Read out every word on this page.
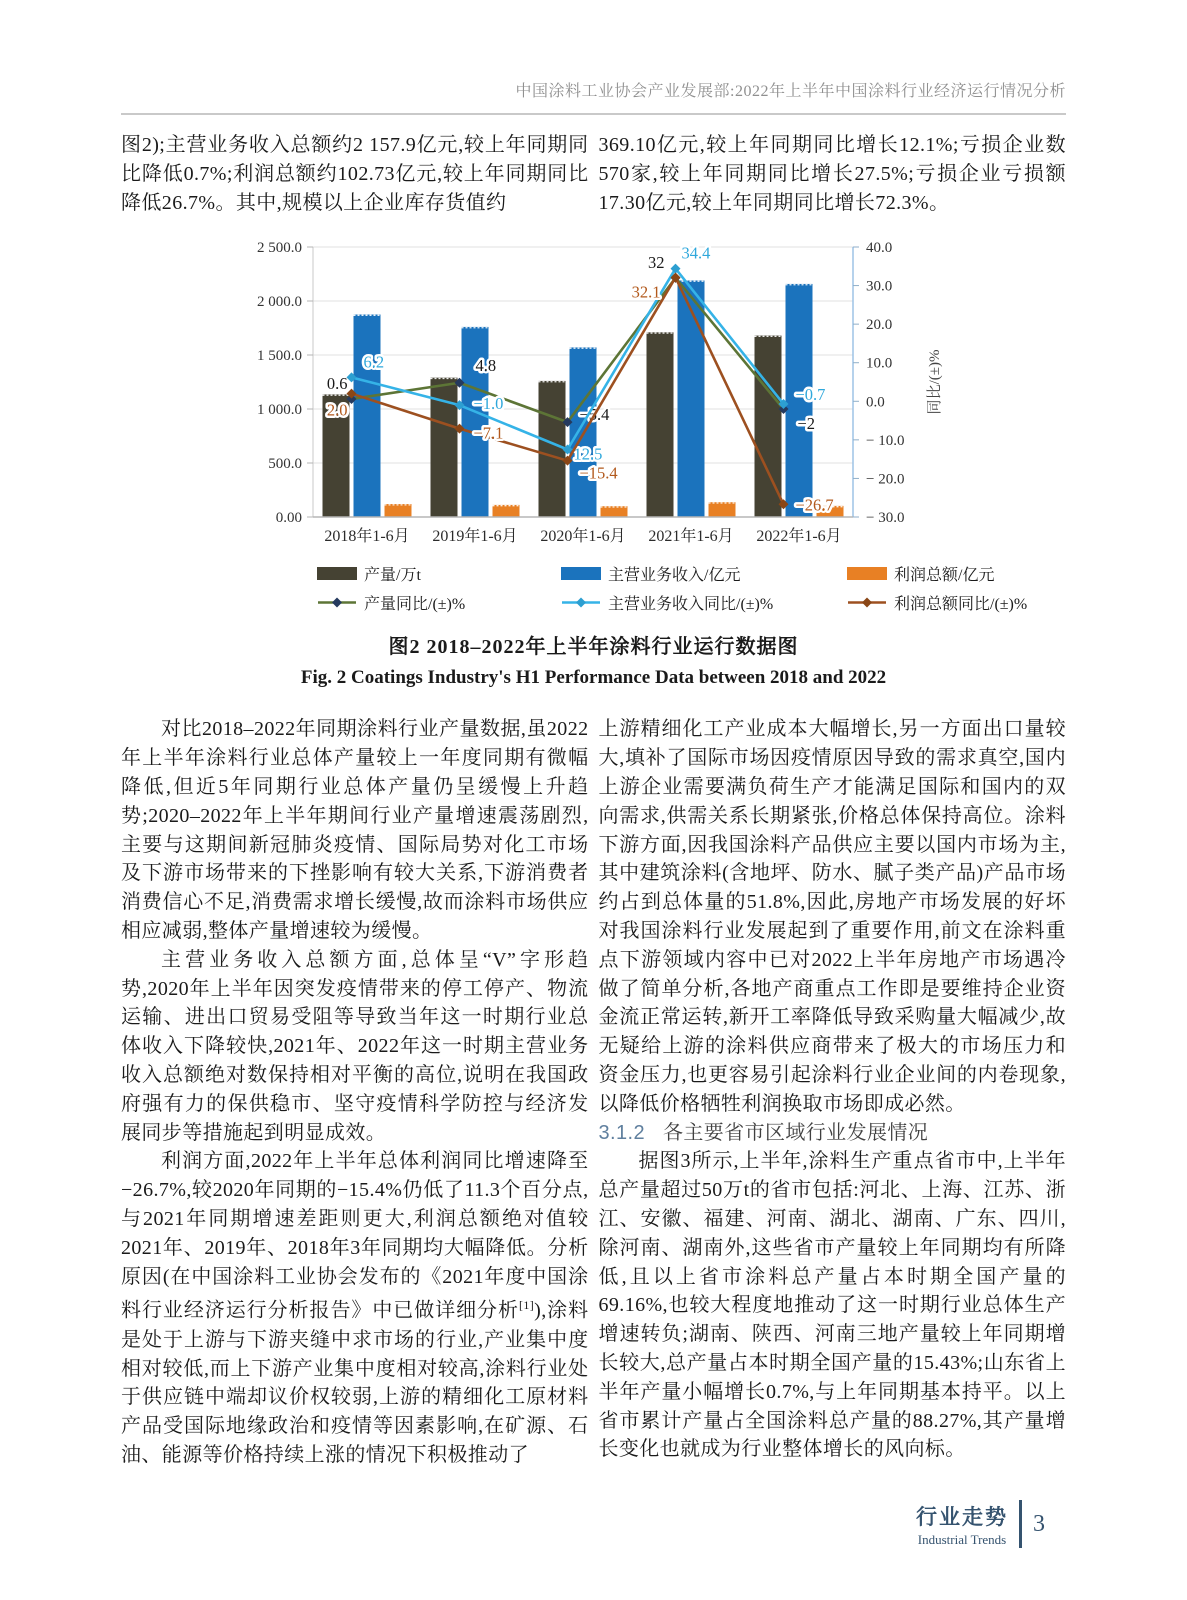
中国涂料工业协会产业发展部:2022年上半年中国涂料行业经济运行情况分析

图2);主营业务收入总额约2 157.9亿元,较上年同期同比降低0.7%;利润总额约102.73亿元,较上年同期同比降低26.7%。其中,规模以上企业库存货值约

369.10亿元,较上年同期同比增长12.1%;亏损企业数570家,较上年同期同比增长27.5%;亏损企业亏损额17.30亿元,较上年同期同比增长72.3%。

0.00
500.0
1 000.0
1 500.0
2 000.0
2 500.0	40.0
30.0
20.0
10.0
0.0
− 10.0
− 20.0
− 30.0
2018年1-6月 2019年1-6月 2020年1-6月 2021年1-6月 2022年1-6月
同比/(±)%
0.6
4.8
−5.4
32
−2
6.2
−1.0
12.5
34.4
−0.7
2.0
−7.1
−15.4
32.1
−26.7
产量/万t	主营业务收入/亿元	利润总额/亿元
产量同比/(±)%	主营业务收入同比/(±)%	利润总额同比/(±)%
图2 2018–2022年上半年涂料行业运行数据图
Fig. 2 Coatings Industry's H1 Performance Data between 2018 and 2022

对比2018–2022年同期涂料行业产量数据,虽2022年上半年涂料行业总体产量较上一年度同期有微幅降低,但近5年同期行业总体产量仍呈缓慢上升趋势;2020–2022年上半年期间行业产量增速震荡剧烈,主要与这期间新冠肺炎疫情、国际局势对化工市场及下游市场带来的下挫影响有较大关系,下游消费者消费信心不足,消费需求增长缓慢,故而涂料市场供应相应减弱,整体产量增速较为缓慢。

主营业务收入总额方面,总体呈“V”字形趋势,2020年上半年因突发疫情带来的停工停产、物流运输、进出口贸易受阻等导致当年这一时期行业总体收入下降较快,2021年、2022年这一时期主营业务收入总额绝对数保持相对平衡的高位,说明在我国政府强有力的保供稳市、坚守疫情科学防控与经济发展同步等措施起到明显成效。

利润方面,2022年上半年总体利润同比增速降至−26.7%,较2020年同期的−15.4%仍低了11.3个百分点,与2021年同期增速差距则更大,利润总额绝对值较2021年、2019年、2018年3年同期均大幅降低。分析原因(在中国涂料工业协会发布的《2021年度中国涂料行业经济运行分析报告》中已做详细分析[1]),涂料是处于上游与下游夹缝中求市场的行业,产业集中度相对较低,而上下游产业集中度相对较高,涂料行业处于供应链中端却议价权较弱,上游的精细化工原材料产品受国际地缘政治和疫情等因素影响,在矿源、石油、能源等价格持续上涨的情况下积极推动了

上游精细化工产业成本大幅增长,另一方面出口量较大,填补了国际市场因疫情原因导致的需求真空,国内上游企业需要满负荷生产才能满足国际和国内的双向需求,供需关系长期紧张,价格总体保持高位。涂料下游方面,因我国涂料产品供应主要以国内市场为主,其中建筑涂料(含地坪、防水、腻子类产品)产品市场约占到总体量的51.8%,因此,房地产市场发展的好坏对我国涂料行业发展起到了重要作用,前文在涂料重点下游领域内容中已对2022上半年房地产市场遇冷做了简单分析,各地产商重点工作即是要维持企业资金流正常运转,新开工率降低导致采购量大幅减少,故无疑给上游的涂料供应商带来了极大的市场压力和资金压力,也更容易引起涂料行业企业间的内卷现象,以降低价格牺牲利润换取市场即成必然。

3.1.2 各主要省市区域行业发展情况

据图3所示,上半年,涂料生产重点省市中,上半年总产量超过50万t的省市包括:河北、上海、江苏、浙江、安徽、福建、河南、湖北、湖南、广东、四川,除河南、湖南外,这些省市产量较上年同期均有所降低,且以上省市涂料总产量占本时期全国产量的69.16%,也较大程度地推动了这一时期行业总体生产增速转负;湖南、陕西、河南三地产量较上年同期增长较大,总产量占本时期全国产量的15.43%;山东省上半年产量小幅增长0.7%,与上年同期基本持平。以上省市累计产量占全国涂料总产量的88.27%,其产量增长变化也就成为行业整体增长的风向标。

行业走势
Industrial Trends
3
